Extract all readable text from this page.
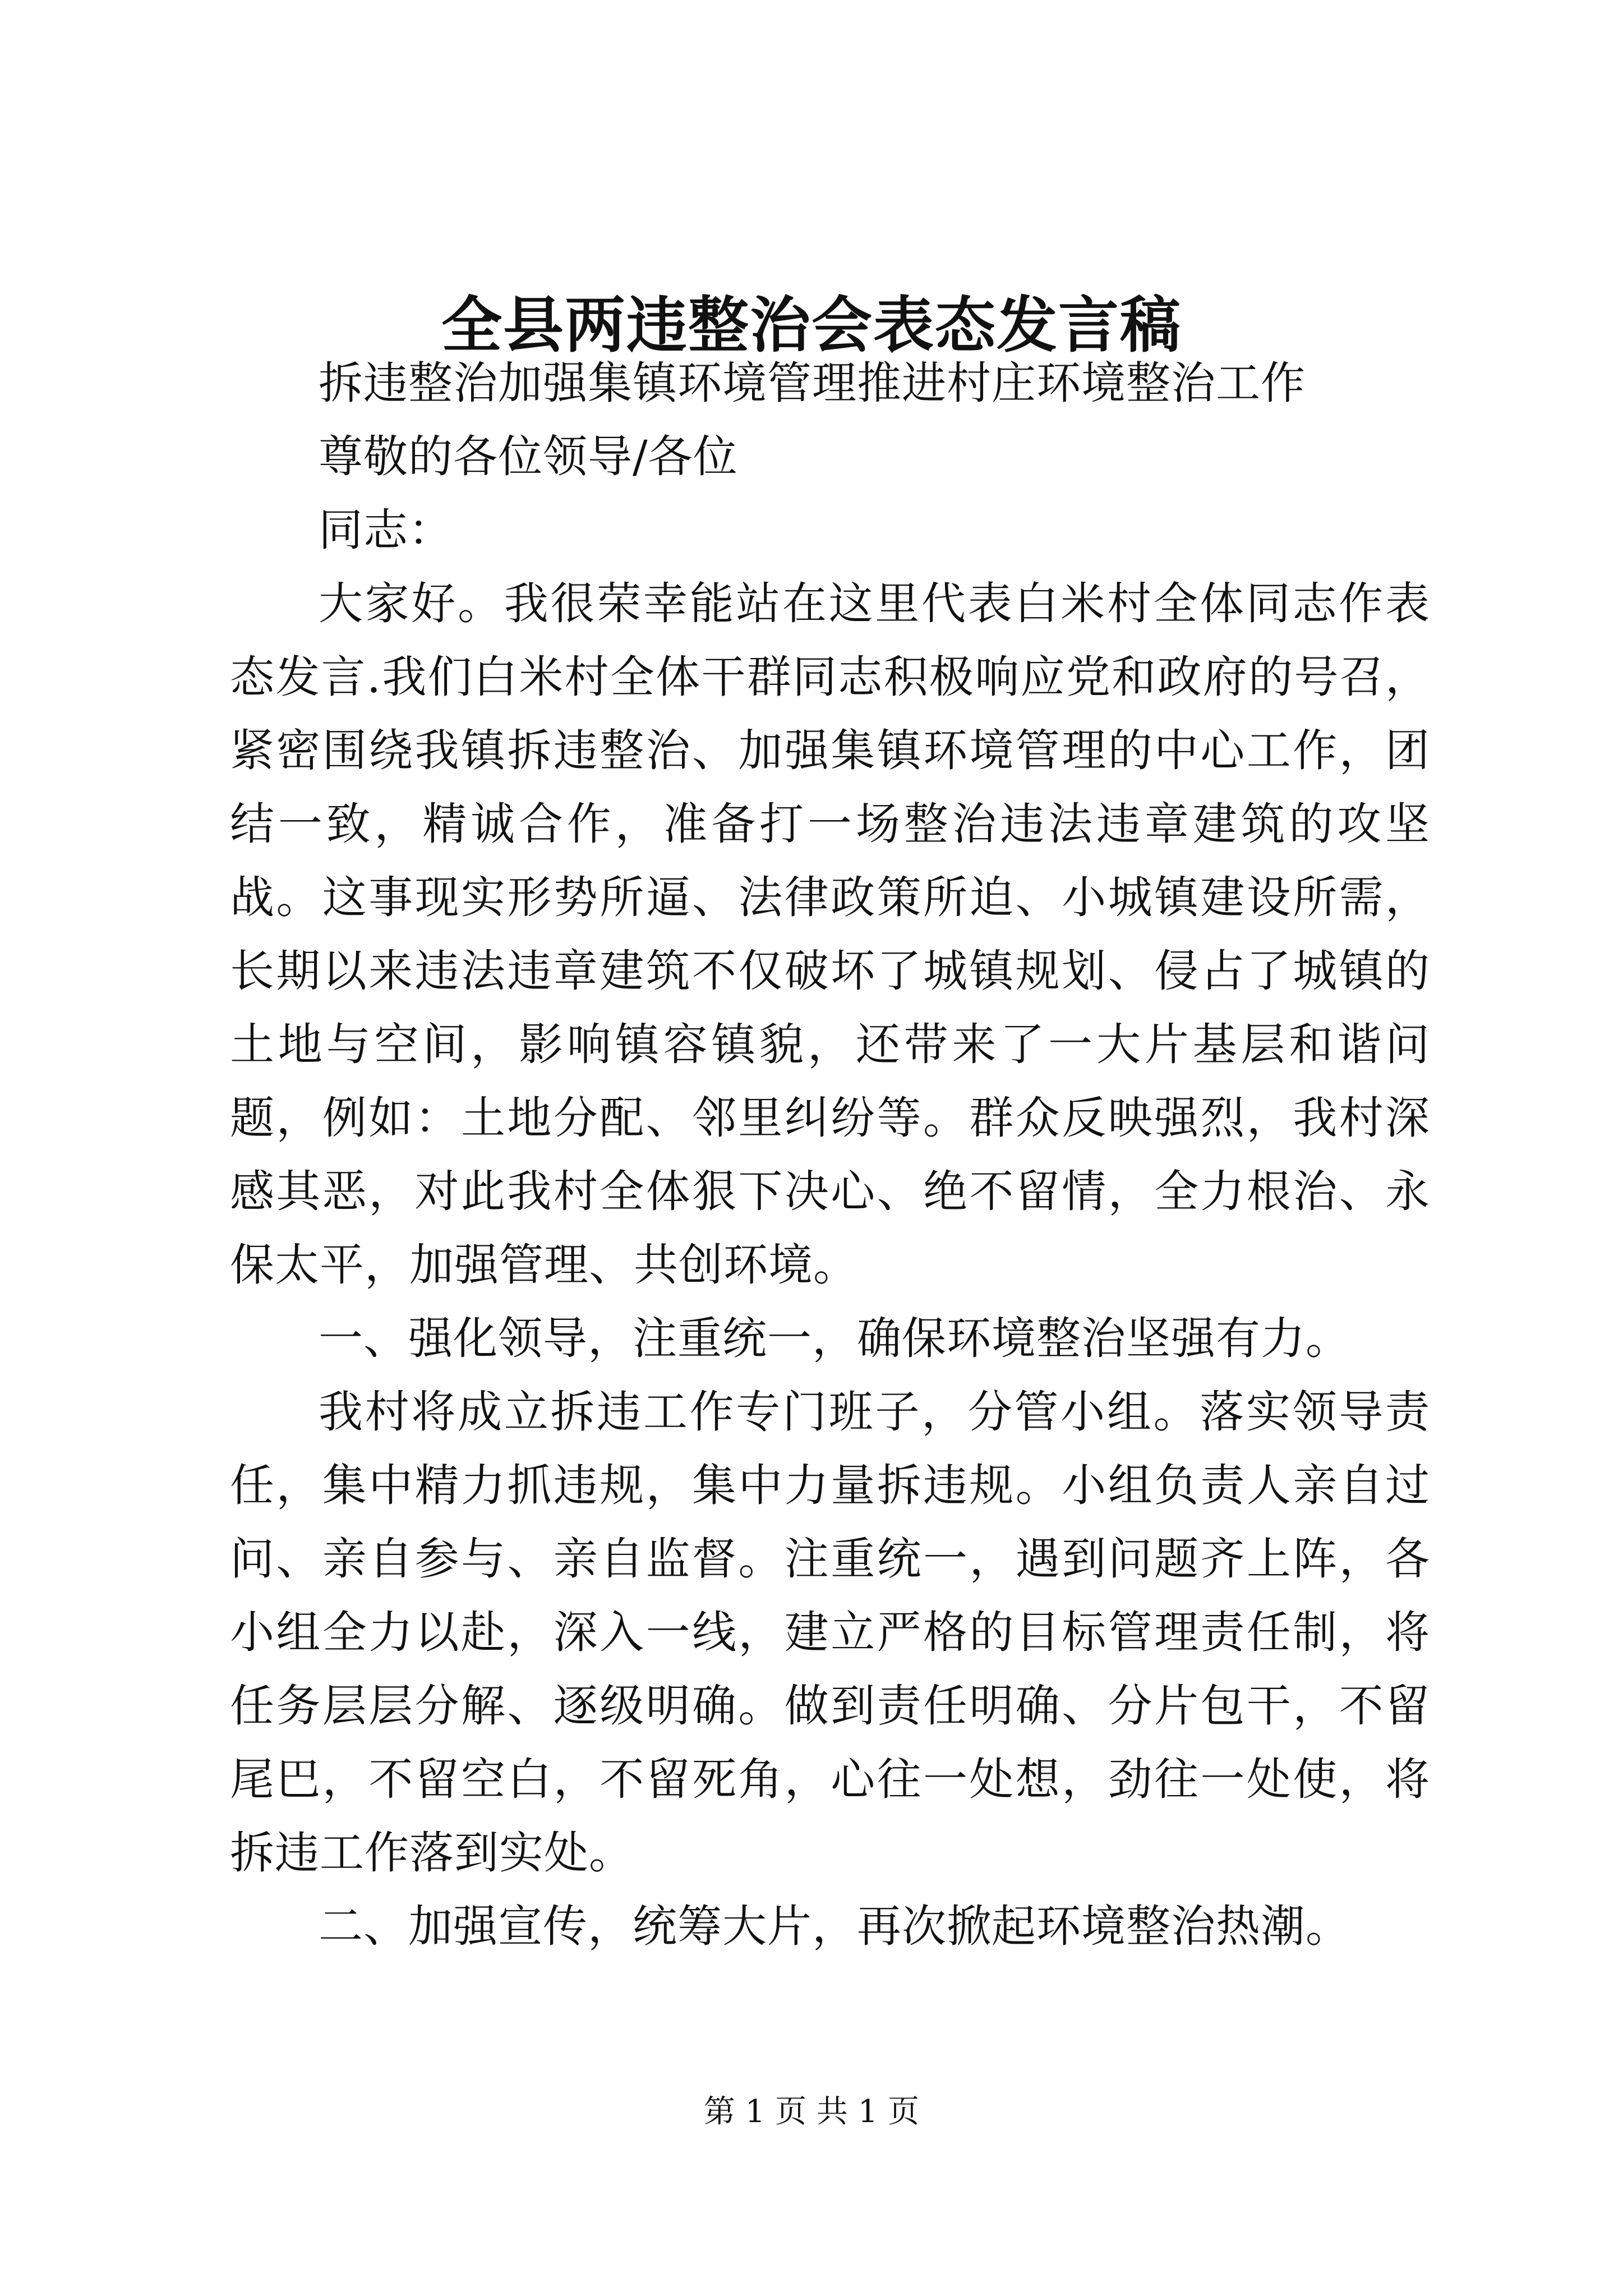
全县两违整治会表态发言稿

拆违整治加强集镇环境管理推进村庄环境整治工作

尊敬的各位领导/各位

同志：

大家好。我很荣幸能站在这里代表白米村全体同志作表态发言.我们白米村全体干群同志积极响应党和政府的号召，紧密围绕我镇拆违整治、加强集镇环境管理的中心工作，团结一致，精诚合作，准备打一场整治违法违章建筑的攻坚战。这事现实形势所逼、法律政策所迫、小城镇建设所需，长期以来违法违章建筑不仅破坏了城镇规划、侵占了城镇的土地与空间，影响镇容镇貌，还带来了一大片基层和谐问题，例如：土地分配、邻里纠纷等。群众反映强烈，我村深感其恶，对此我村全体狠下决心、绝不留情，全力根治、永保太平，加强管理、共创环境。

一、强化领导，注重统一，确保环境整治坚强有力。

我村将成立拆违工作专门班子，分管小组。落实领导责任，集中精力抓违规，集中力量拆违规。小组负责人亲自过问、亲自参与、亲自监督。注重统一，遇到问题齐上阵，各小组全力以赴，深入一线，建立严格的目标管理责任制，将任务层层分解、逐级明确。做到责任明确、分片包干，不留尾巴，不留空白，不留死角，心往一处想，劲往一处使，将拆违工作落到实处。

二、加强宣传，统筹大片，再次掀起环境整治热潮。

第 1 页 共 1 页
